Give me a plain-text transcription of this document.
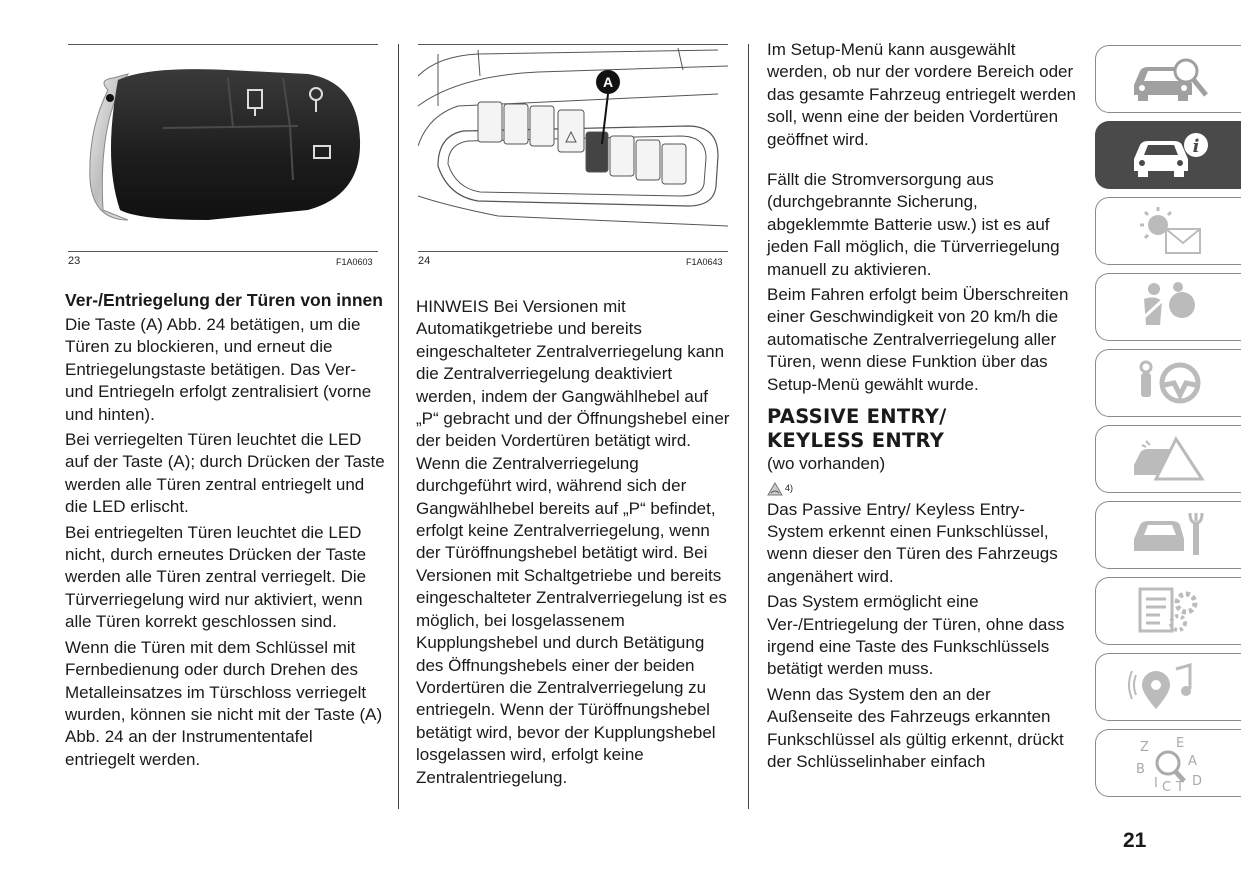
23	F1A0603

Ver-/Entriegelung der Türen von innen

Die Taste (A) Abb. 24 betätigen, um die Türen zu blockieren, und erneut die Entriegelungstaste betätigen. Das Ver- und Entriegeln erfolgt zentralisiert (vorne und hinten).

Bei verriegelten Türen leuchtet die LED auf der Taste (A); durch Drücken der Taste werden alle Türen zentral entriegelt und die LED erlischt.

Bei entriegelten Türen leuchtet die LED nicht, durch erneutes Drücken der Taste werden alle Türen zentral verriegelt. Die Türverriegelung wird nur aktiviert, wenn alle Türen korrekt geschlossen sind.

Wenn die Türen mit dem Schlüssel mit Fernbedienung oder durch Drehen des Metalleinsatzes im Türschloss verriegelt wurden, können sie nicht mit der Taste (A) Abb. 24 an der Instrumententafel entriegelt werden.

A
24	F1A0643

HINWEIS Bei Versionen mit Automatikgetriebe und bereits eingeschalteter Zentralverriegelung kann die Zentralverriegelung deaktiviert werden, indem der Gangwählhebel auf „P“ gebracht und der Öffnungshebel einer der beiden Vordertüren betätigt wird. Wenn die Zentralverriegelung durchgeführt wird, während sich der Gangwählhebel bereits auf „P“ befindet, erfolgt keine Zentralverriegelung, wenn der Türöffnungshebel betätigt wird. Bei Versionen mit Schaltgetriebe und bereits eingeschalteter Zentralverriegelung ist es möglich, bei losgelassenem Kupplungshebel und durch Betätigung des Öffnungshebels einer der beiden Vordertüren die Zentralverriegelung zu entriegeln. Wenn der Türöffnungshebel betätigt wird, bevor der Kupplungshebel losgelassen wird, erfolgt keine Zentralentriegelung.

Im Setup-Menü kann ausgewählt werden, ob nur der vordere Bereich oder das gesamte Fahrzeug entriegelt werden soll, wenn eine der beiden Vordertüren geöffnet wird.

Fällt die Stromversorgung aus (durchgebrannte Sicherung, abgeklemmte Batterie usw.) ist es auf jeden Fall möglich, die Türverriegelung manuell zu aktivieren.

Beim Fahren erfolgt beim Überschreiten einer Geschwindigkeit von 20 km/h die automatische Zentralverriegelung aller Türen, wenn diese Funktion über das Setup-Menü gewählt wurde.

PASSIVE ENTRY/
KEYLESS ENTRY

(wo vorhanden)

4)

Das Passive Entry/ Keyless Entry-System erkennt einen Funkschlüssel, wenn dieser den Türen des Fahrzeugs angenähert wird.

Das System ermöglicht eine Ver-/Entriegelung der Türen, ohne dass irgend eine Taste des Funkschlüssels betätigt werden muss.

Wenn das System den an der Außenseite des Fahrzeugs erkannten Funkschlüssel als gültig erkennt, drückt der Schlüsselinhaber einfach

i
Z E
A
B
D
I C T
21
